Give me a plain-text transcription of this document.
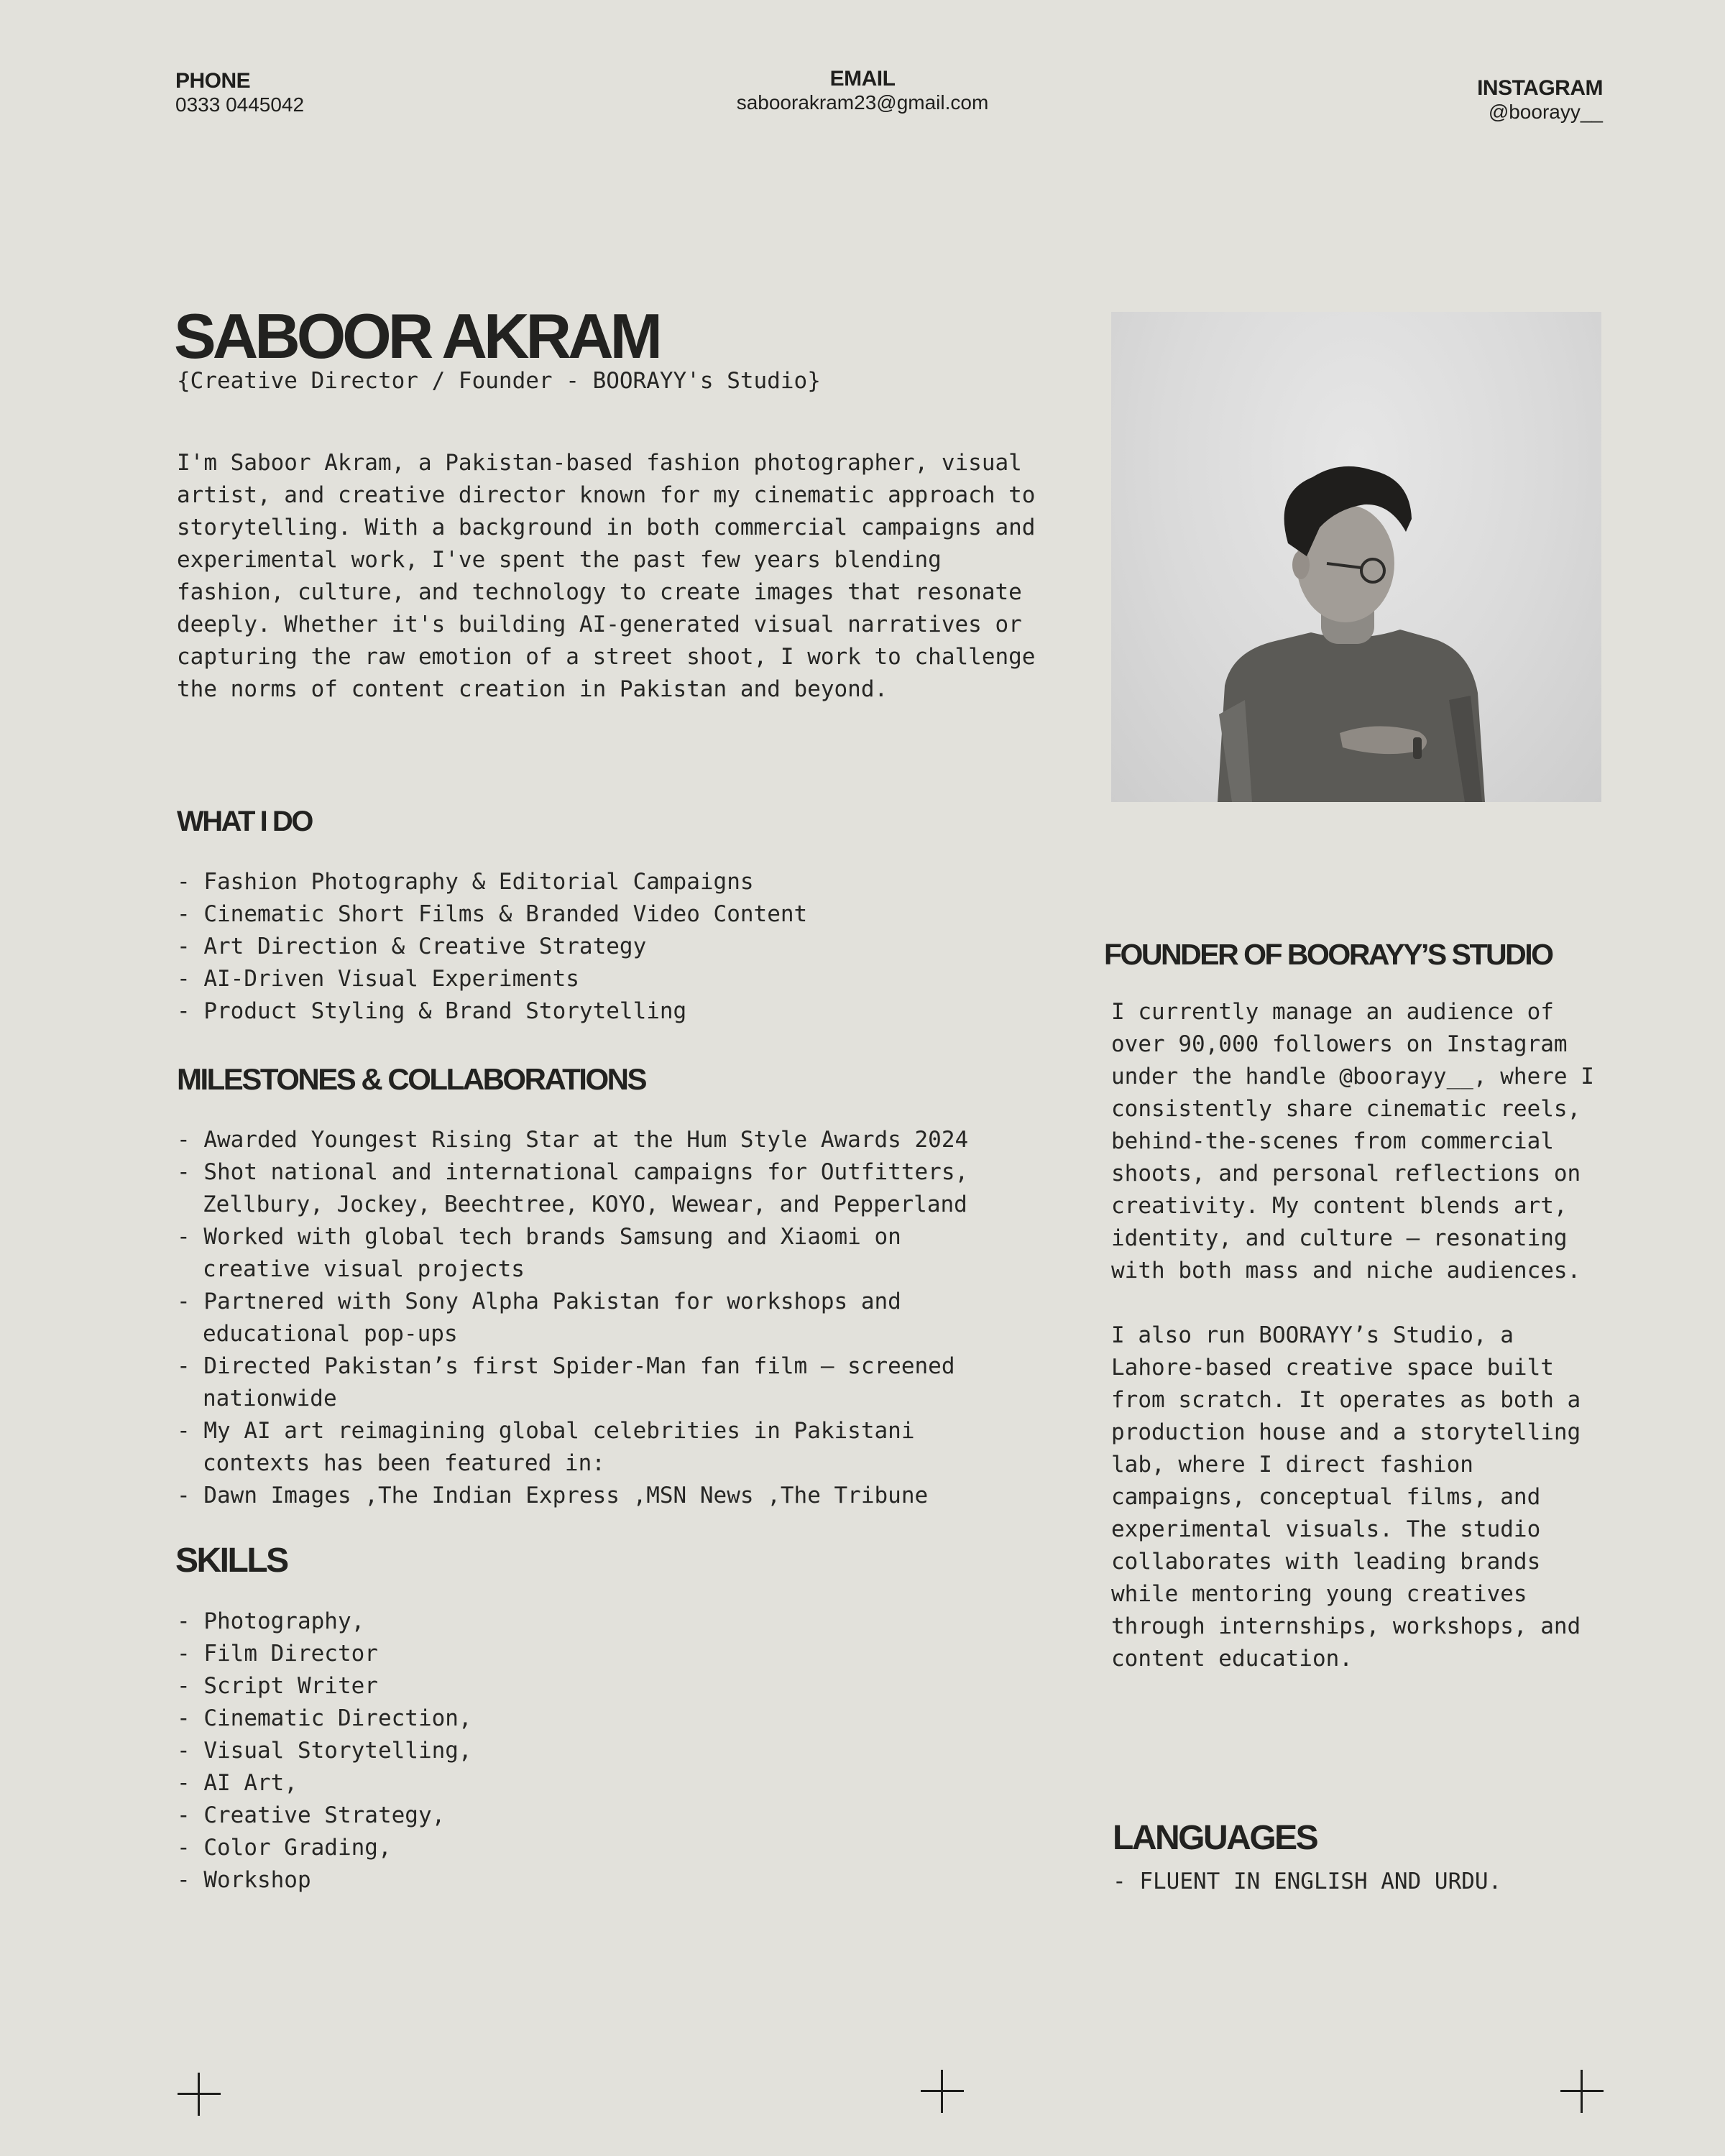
PHONE
0333 0445042
EMAIL
saboorakram23@gmail.com
INSTAGRAM
@boorayy__
SABOOR AKRAM
{Creative Director / Founder - BOORAYY's Studio}

I'm Saboor Akram, a Pakistan-based fashion photographer, visual artist, and creative director known for my cinematic approach to storytelling. With a background in both commercial campaigns and experimental work, I've spent the past few years blending fashion, culture, and technology to create images that resonate deeply. Whether it's building AI-generated visual narratives or capturing the raw emotion of a street shoot, I work to challenge the norms of content creation in Pakistan and beyond.

WHAT I DO
- Fashion Photography & Editorial Campaigns
- Cinematic Short Films & Branded Video Content
- Art Direction & Creative Strategy
- AI-Driven Visual Experiments
- Product Styling & Brand Storytelling
MILESTONES & COLLABORATIONS
- Awarded Youngest Rising Star at the Hum Style Awards 2024
- Shot national and international campaigns for Outfitters, Zellbury, Jockey, Beechtree, KOYO, Wewear, and Pepperland
- Worked with global tech brands Samsung and Xiaomi on creative visual projects
- Partnered with Sony Alpha Pakistan for workshops and educational pop-ups
- Directed Pakistan’s first Spider-Man fan film — screened nationwide
- My AI art reimagining global celebrities in Pakistani contexts has been featured in:
- Dawn Images ,The Indian Express ,MSN News ,The Tribune
SKILLS
- Photography,
- Film Director
- Script Writer
- Cinematic Direction,
- Visual Storytelling,
- AI Art,
- Creative Strategy,
- Color Grading,
- Workshop
FOUNDER OF BOORAYY’S STUDIO

I currently manage an audience of over 90,000 followers on Instagram under the handle @boorayy__, where I consistently share cinematic reels, behind-the-scenes from commercial shoots, and personal reflections on creativity. My content blends art, identity, and culture — resonating with both mass and niche audiences.

I also run BOORAYY’s Studio, a Lahore-based creative space built from scratch. It operates as both a production house and a storytelling lab, where I direct fashion campaigns, conceptual films, and experimental visuals. The studio collaborates with leading brands while mentoring young creatives through internships, workshops, and content education.

LANGUAGES
- FLUENT IN ENGLISH AND URDU.
